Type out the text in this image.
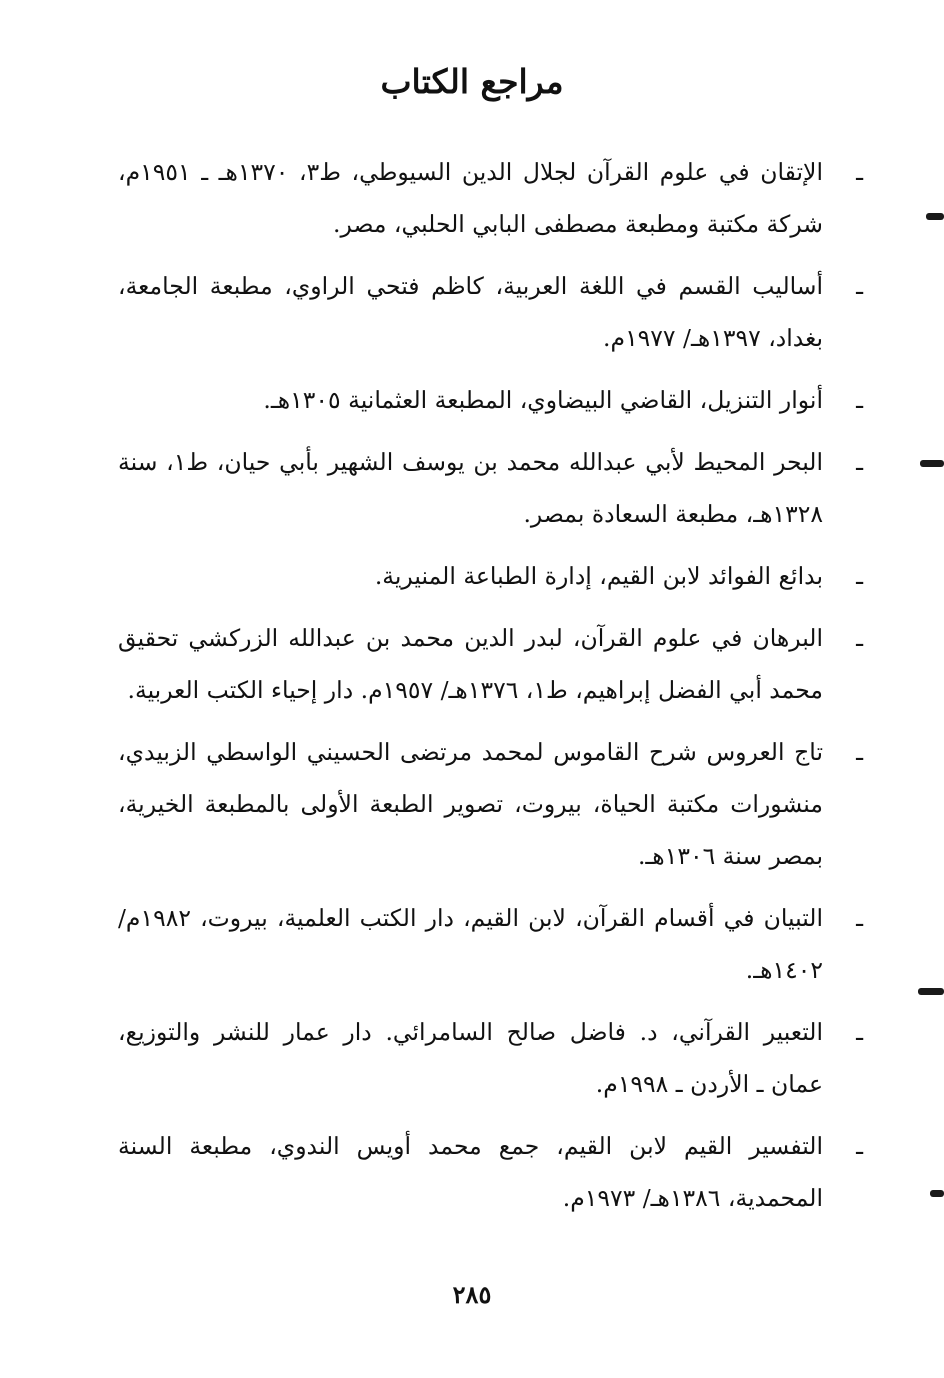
مراجع الكتاب
ـ
الإتقان في علوم القرآن لجلال الدين السيوطي، ط٣، ١٣٧٠هـ ـ ١٩٥١م، شركة مكتبة ومطبعة مصطفى البابي الحلبي، مصر.
ـ
أساليب القسم في اللغة العربية، كاظم فتحي الراوي، مطبعة الجامعة، بغداد، ١٣٩٧هـ/ ١٩٧٧م.
ـ
أنوار التنزيل، القاضي البيضاوي، المطبعة العثمانية ١٣٠٥هـ.
ـ
البحر المحيط لأبي عبدالله محمد بن يوسف الشهير بأبي حيان، ط١، سنة ١٣٢٨هـ، مطبعة السعادة بمصر.
ـ
بدائع الفوائد لابن القيم، إدارة الطباعة المنيرية.
ـ
البرهان في علوم القرآن، لبدر الدين محمد بن عبدالله الزركشي تحقيق محمد أبي الفضل إبراهيم، ط١، ١٣٧٦هـ/ ١٩٥٧م. دار إحياء الكتب العربية.
ـ
تاج العروس شرح القاموس لمحمد مرتضى الحسيني الواسطي الزبيدي، منشورات مكتبة الحياة، بيروت، تصوير الطبعة الأولى بالمطبعة الخيرية، بمصر سنة ١٣٠٦هـ.
ـ
التبيان في أقسام القرآن، لابن القيم، دار الكتب العلمية، بيروت، ١٩٨٢م/ ١٤٠٢هـ.
ـ
التعبير القرآني، د. فاضل صالح السامرائي. دار عمار للنشر والتوزيع، عمان ـ الأردن ـ ١٩٩٨م.
ـ
التفسير القيم لابن القيم، جمع محمد أويس الندوي، مطبعة السنة المحمدية، ١٣٨٦هـ/ ١٩٧٣م.
٢٨٥
